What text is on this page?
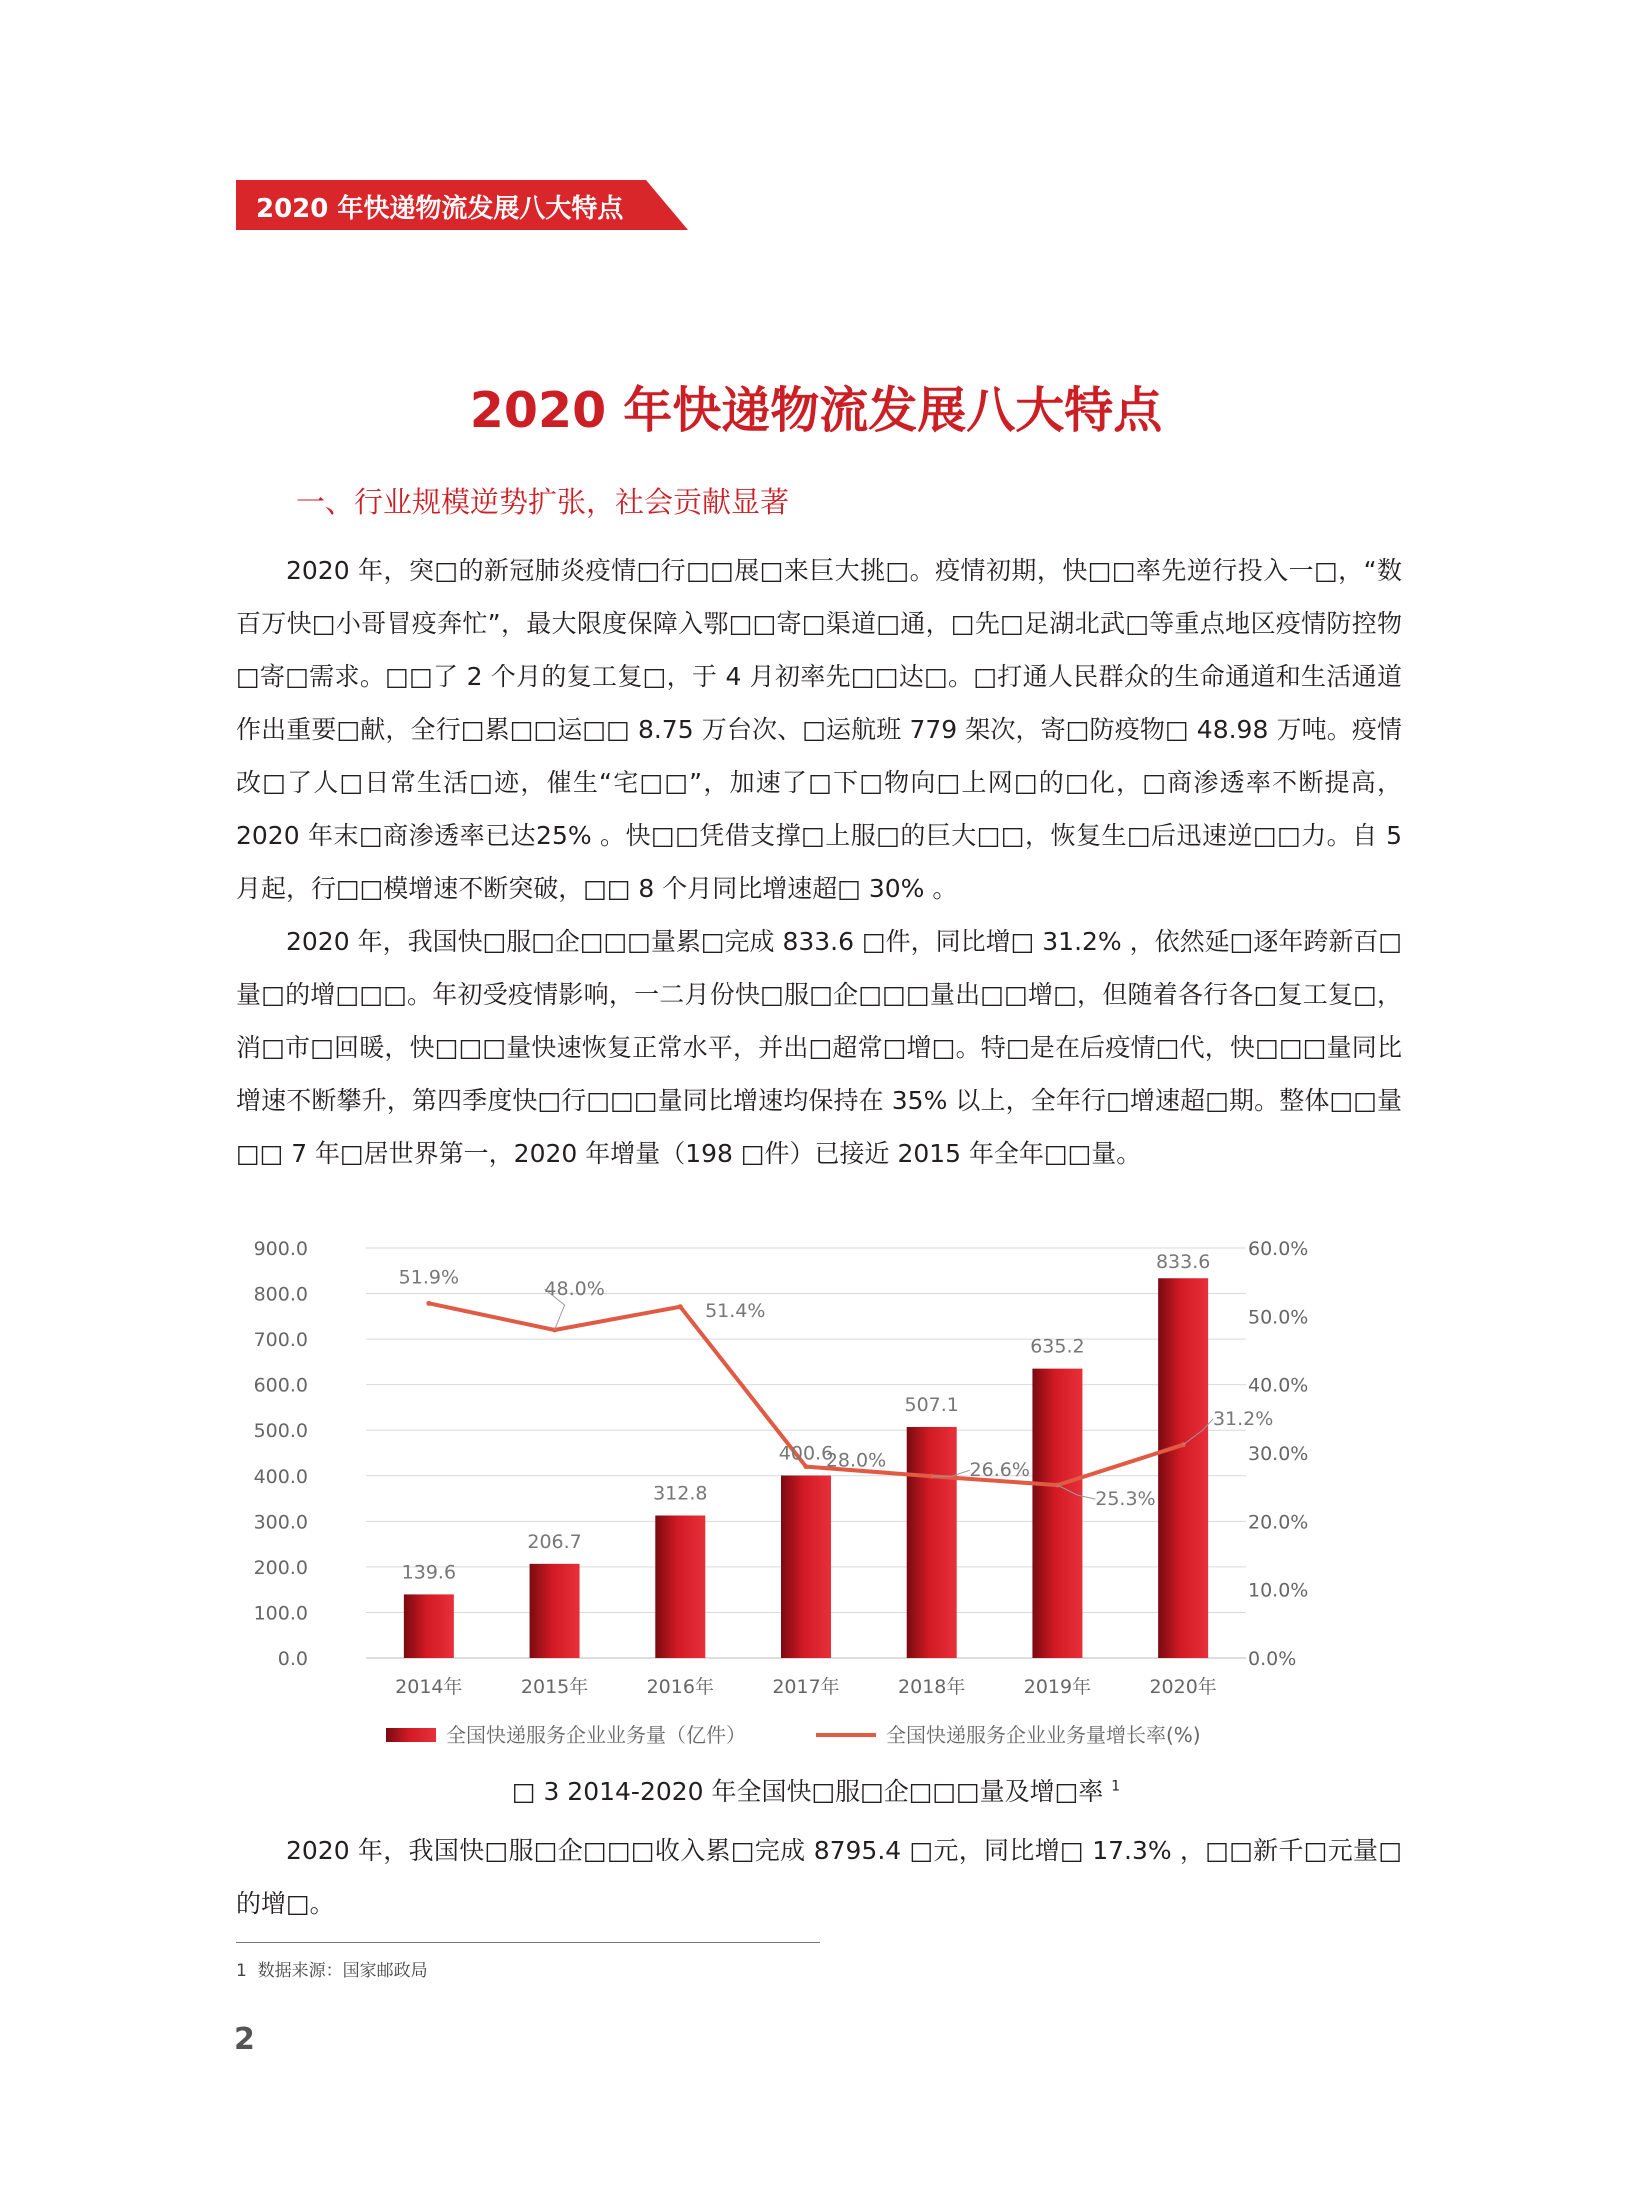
2020 年快递物流发展八大特点
2020 年快递物流发展八大特点
一、行业规模逆势扩张，社会贡献显著

2020 年，突□的新冠肺炎疫情□行□□展□来巨大挑□。疫情初期，快□□率先逆行投入一□，“数百万快□小哥冒疫奔忙”，最大限度保障入鄂□□寄□渠道□通，□先□足湖北武□等重点地区疫情防控物□寄□需求。□□了 2 个月的复工复□，于 4 月初率先□□达□。□打通人民群众的生命通道和生活通道作出重要□献，全行□累□□运□□ 8.75 万台次、□运航班 779 架次，寄□防疫物□ 48.98 万吨。疫情改□了人□日常生活□迹，催生“宅□□”，加速了□下□物向□上网□的□化，□商渗透率不断提高，2020 年末□商渗透率已达25% 。快□□凭借支撑□上服□的巨大□□，恢复生□后迅速逆□□力。自 5 月起，行□□模增速不断突破，□□ 8 个月同比增速超□ 30% 。

2020 年，我国快□服□企□□□量累□完成 833.6 □件，同比增□ 31.2% ，依然延□逐年跨新百□量□的增□□□。年初受疫情影响，一二月份快□服□企□□□量出□□增□，但随着各行各□复工复□，消□市□回暖，快□□□量快速恢复正常水平，并出□超常□增□。特□是在后疫情□代，快□□□量同比增速不断攀升，第四季度快□行□□□量同比增速均保持在 35% 以上，全年行□增速超□期。整体□□量□□ 7 年□居世界第一，2020 年增量（198 □件）已接近 2015 年全年□□量。

139.6
206.7
312.8
400.6
507.1
635.2
833.6
51.9%
48.0%
51.4%
28.0%	26.6%
25.3%
31.2%
0.0
100.0
200.0
300.0
400.0
500.0
600.0
700.0
800.0
900.0
0.0%
10.0%
20.0%
30.0%
40.0%
50.0%
60.0%
2014年	2015年	2016年	2017年	2018年	2019年	2020年
全国快递服务企业业务量（亿件）	全国快递服务企业业务量增长率(%)
□ 3 2014-2020 年全国快□服□企□□□量及增□率 $^1$

2020 年，我国快□服□企□□□收入累□完成 8795.4 □元，同比增□ 17.3% ，□□新千□元量□的增□。

1 数据来源：国家邮政局
2
